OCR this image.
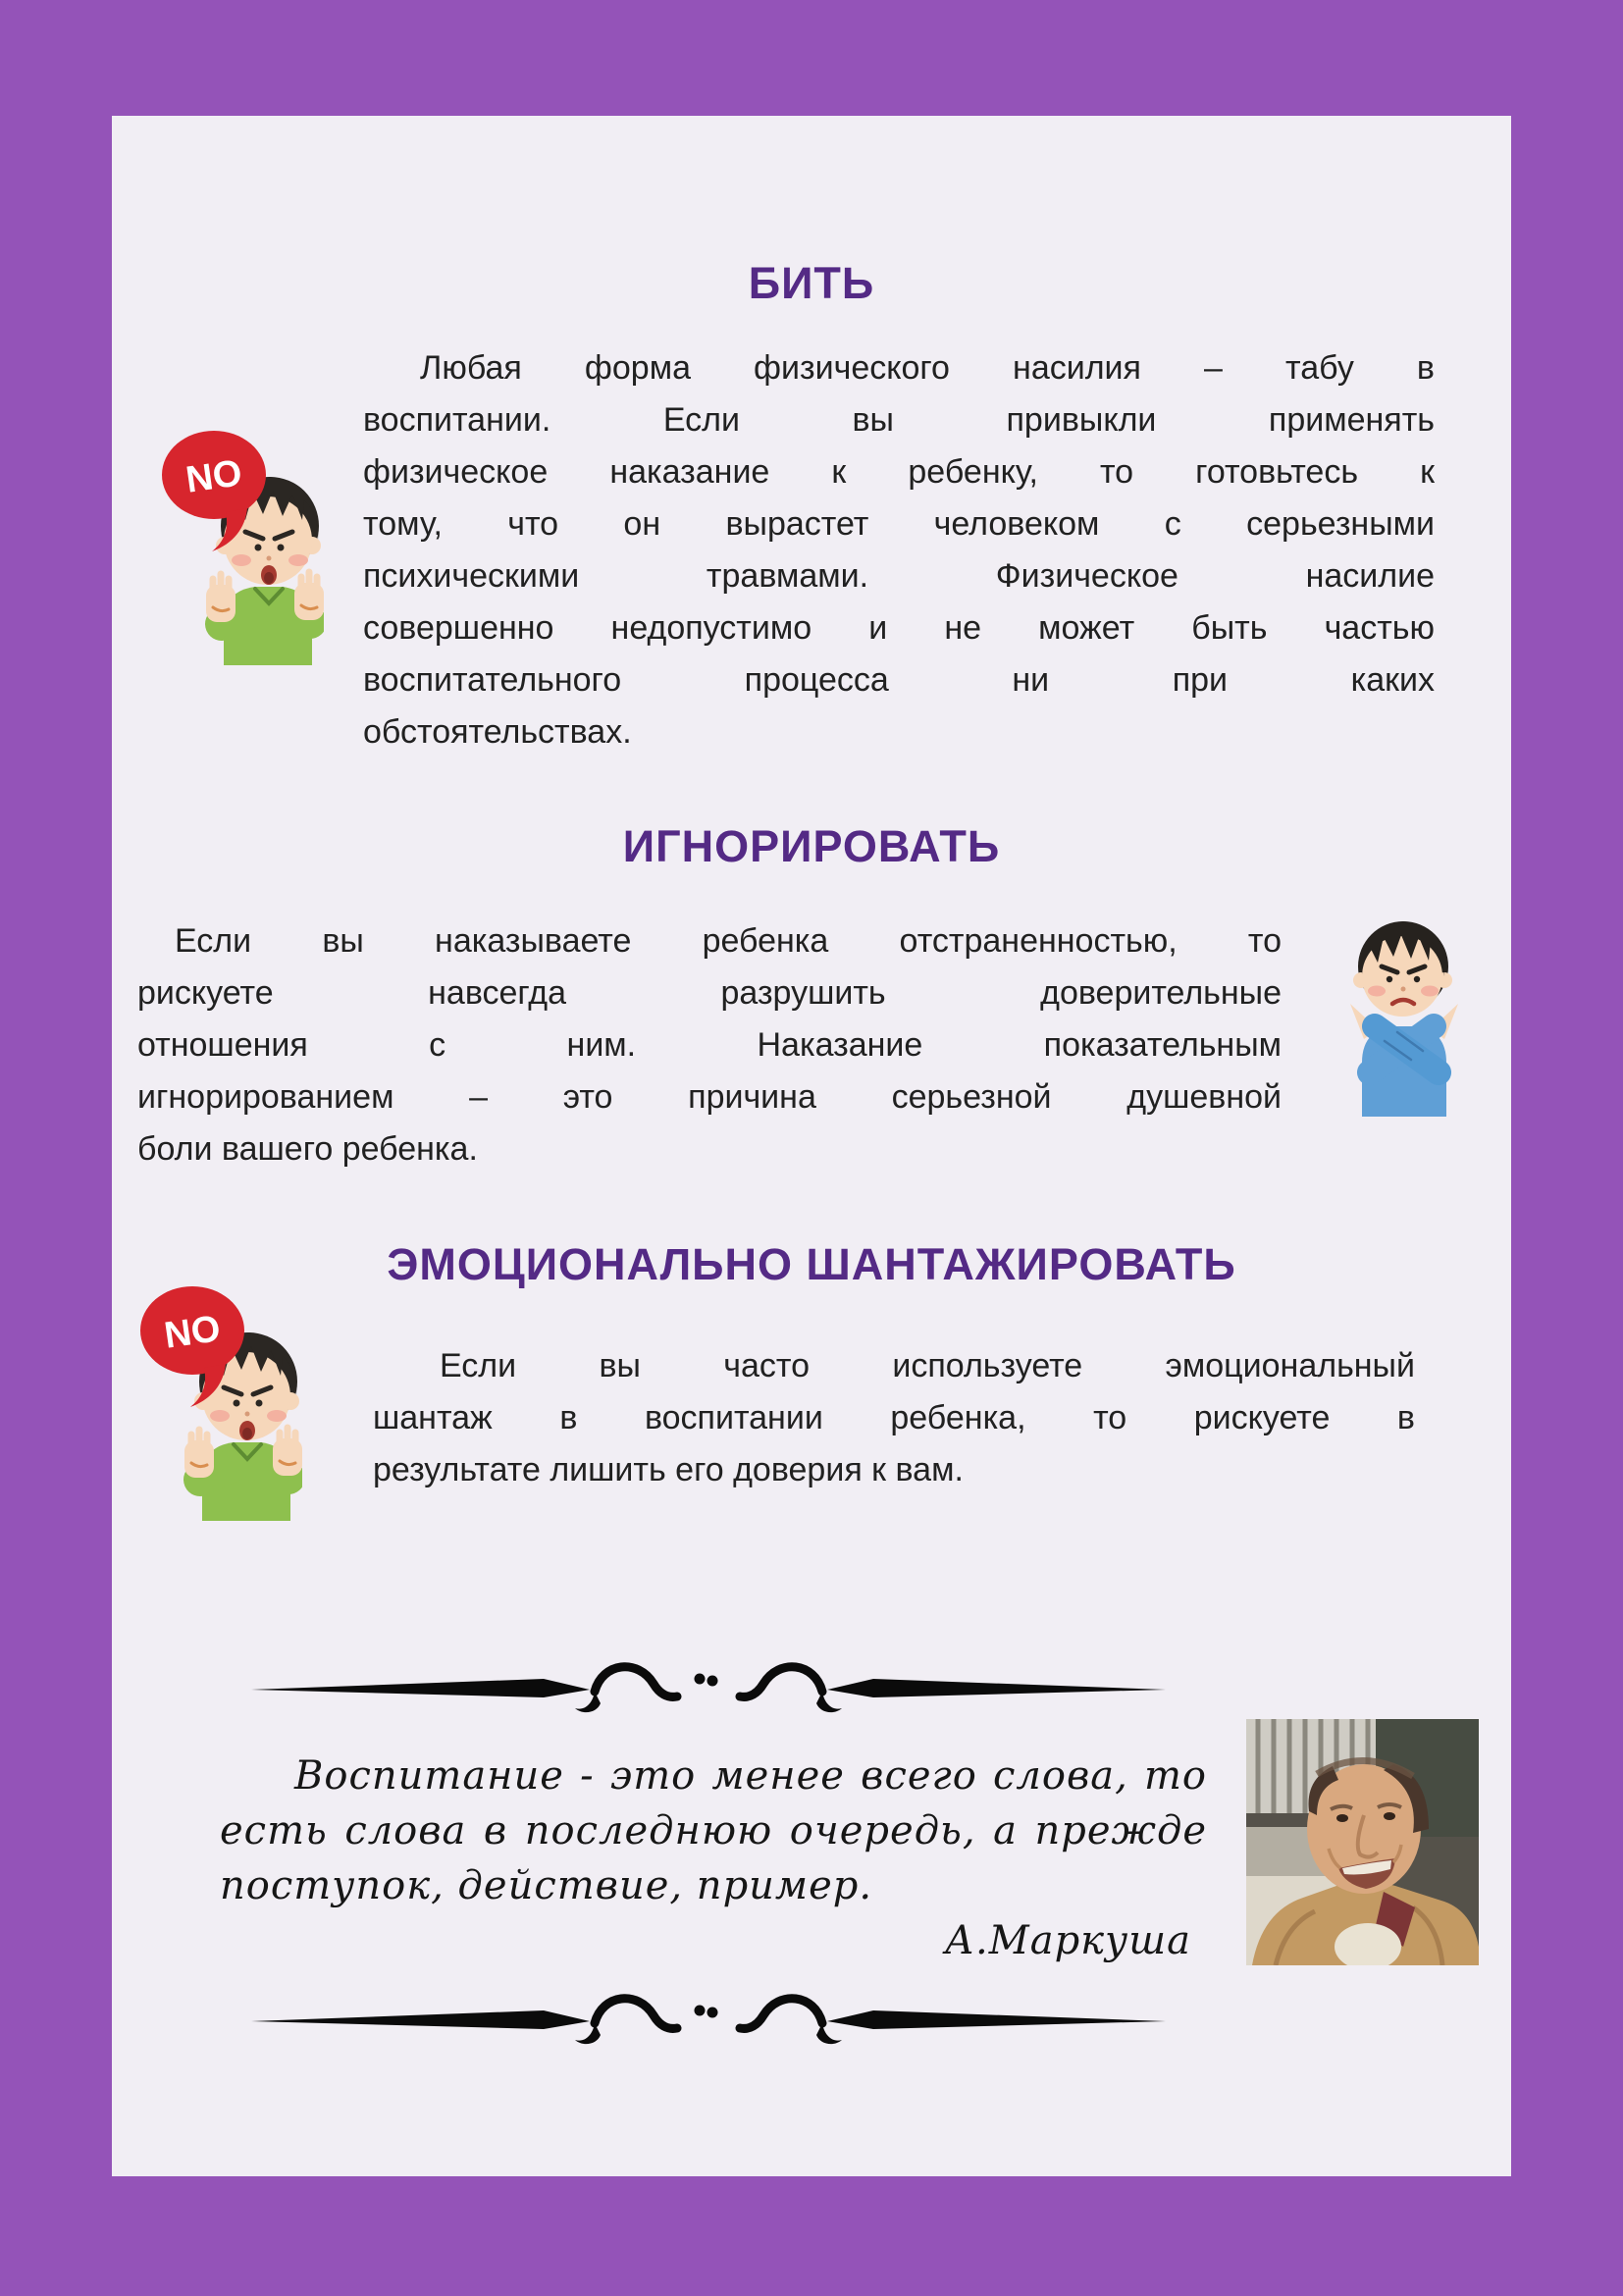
БИТЬ
Любая форма физического насилия – табу в
воспитании. Если вы привыкли применять
физическое наказание к ребенку, то готовьтесь к
тому, что он вырастет человеком с серьезными
психическими травмами. Физическое насилие
совершенно недопустимо и не может быть частью
воспитательного процесса ни при каких
обстоятельствах.
ИГНОРИРОВАТЬ
Если вы наказываете ребенка отстраненностью, то
рискуете навсегда разрушить доверительные
отношения с ним. Наказание показательным
игнорированием – это причина серьезной душевной
боли вашего ребенка.
ЭМОЦИОНАЛЬНО ШАНТАЖИРОВАТЬ
Если вы часто используете эмоциональный
шантаж в воспитании ребенка, то рискуете в
результате лишить его доверия к вам.
Воспитание - это менее всего слова, то
есть слова в последнюю очередь, а прежде
поступок, действие, пример.
А.Маркуша
